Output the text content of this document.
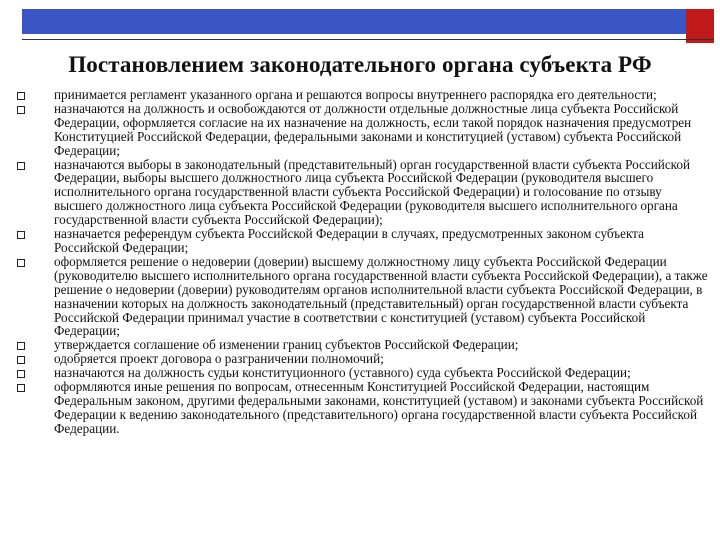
Постановлением законодательного органа субъекта РФ
принимается регламент указанного органа и решаются вопросы внутреннего распорядка его деятельности;
назначаются на должность и освобождаются от должности отдельные должностные лица субъекта Российской Федерации, оформляется согласие на их назначение на должность, если такой порядок назначения предусмотрен Конституцией Российской Федерации, федеральными законами и конституцией (уставом) субъекта Российской Федерации;
назначаются выборы в законодательный (представительный) орган государственной власти субъекта Российской Федерации, выборы высшего должностного лица субъекта Российской Федерации (руководителя высшего исполнительного органа государственной власти субъекта Российской Федерации) и голосование по отзыву высшего должностного лица субъекта Российской Федерации (руководителя высшего исполнительного органа государственной власти субъекта Российской Федерации);
назначается референдум субъекта Российской Федерации в случаях, предусмотренных законом субъекта Российской Федерации;
оформляется решение о недоверии (доверии) высшему должностному лицу субъекта Российской Федерации (руководителю высшего исполнительного органа государственной власти субъекта Российской Федерации), а также решение о недоверии (доверии) руководителям органов исполнительной власти субъекта Российской Федерации, в назначении которых на должность законодательный (представительный) орган государственной власти субъекта Российской Федерации принимал участие в соответствии с конституцией (уставом) субъекта Российской Федерации;
утверждается соглашение об изменении границ субъектов Российской Федерации;
одобряется проект договора о разграничении полномочий;
назначаются на должность судьи конституционного (уставного) суда субъекта Российской Федерации;
оформляются иные решения по вопросам, отнесенным Конституцией Российской Федерации, настоящим Федеральным законом, другими федеральными законами, конституцией (уставом) и законами субъекта Российской Федерации к ведению законодательного (представительного) органа государственной власти субъекта Российской Федерации.
